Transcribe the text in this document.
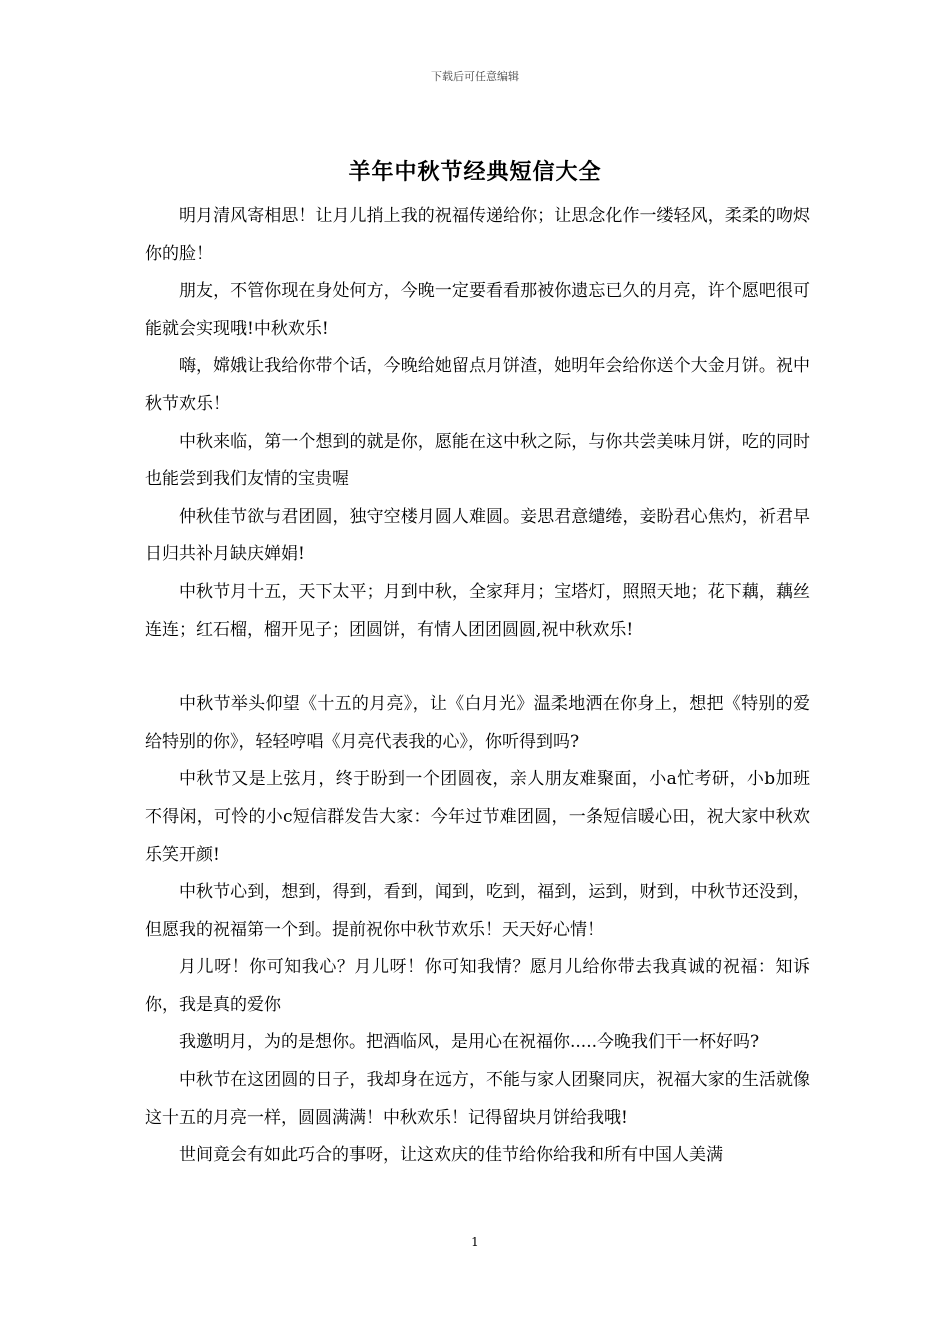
下载后可任意编辑
羊年中秋节经典短信大全

明月清风寄相思！让月儿捎上我的祝福传递给你；让思念化作一缕轻风，柔柔的吻烬你的脸！

朋友，不管你现在身处何方，今晚一定要看看那被你遗忘已久的月亮，许个愿吧很可能就会实现哦!中秋欢乐!

嗨，嫦娥让我给你带个话，今晚给她留点月饼渣，她明年会给你送个大金月饼。祝中秋节欢乐！

中秋来临，第一个想到的就是你，愿能在这中秋之际，与你共尝美味月饼，吃的同时也能尝到我们友情的宝贵喔

仲秋佳节欲与君团圆，独守空楼月圆人难圆。妾思君意缱绻，妾盼君心焦灼，祈君早日归共补月缺庆婵娟!

中秋节月十五，天下太平；月到中秋，全家拜月；宝塔灯，照照天地；花下藕，藕丝连连；红石榴，榴开见子；团圆饼，有情人团团圆圆,祝中秋欢乐!

中秋节举头仰望《十五的月亮》，让《白月光》温柔地洒在你身上，想把《特别的爱给特别的你》，轻轻哼唱《月亮代表我的心》，你听得到吗?

中秋节又是上弦月，终于盼到一个团圆夜，亲人朋友难聚面，小a忙考研，小b加班不得闲，可怜的小c短信群发告大家：今年过节难团圆，一条短信暖心田，祝大家中秋欢乐笑开颜!

中秋节心到，想到，得到，看到，闻到，吃到，福到，运到，财到，中秋节还没到，但愿我的祝福第一个到。提前祝你中秋节欢乐！天天好心情！

月儿呀！你可知我心？月儿呀！你可知我情？愿月儿给你带去我真诚的祝福：知诉你，我是真的爱你

我邀明月，为的是想你。把酒临风，是用心在祝福你.....今晚我们干一杯好吗?

中秋节在这团圆的日子，我却身在远方，不能与家人团聚同庆，祝福大家的生活就像这十五的月亮一样，圆圆满满！中秋欢乐！记得留块月饼给我哦!

世间竟会有如此巧合的事呀，让这欢庆的佳节给你给我和所有中国人美满

1
